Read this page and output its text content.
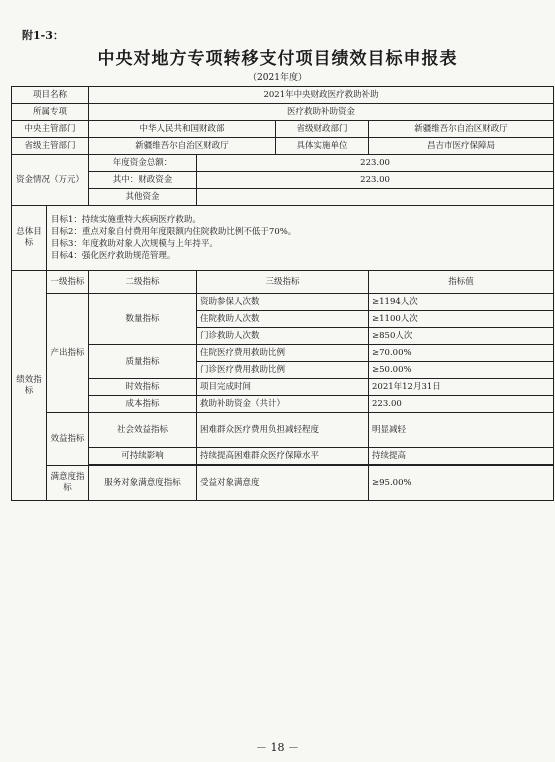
附1-3：
中央对地方专项转移支付项目绩效目标申报表
（2021年度）
项目名称		2021年中央财政医疗救助补助			
所属专项		医疗救助补助资金			
中央主管部门		中华人民共和国财政部		省级财政部门	新疆维吾尔自治区财政厅
省级主管部门		新疆维吾尔自治区财政厅		具体实施单位	昌吉市医疗保障局
资金情况（万元）		年度资金总额：	223.00		
		其中：财政资金	223.00		
		其他资金			
总体目标	目标1：持续实施重特大疾病医疗救助。
目标2：重点对象自付费用年度限额内住院救助比例不低于70%。
目标3：年度救助对象人次规模与上年持平。
目标4：强化医疗救助规范管理。				

绩效指标	一级指标	二级指标	三级指标		指标值
	产出指标	数量指标	资助参保人次数		≥1194人次
			住院救助人次数		≥1100人次
			门诊救助人次数		≥850人次
		质量指标	住院医疗费用救助比例		≥70.00%
			门诊医疗费用救助比例		≥50.00%
		时效指标	项目完成时间		2021年12月31日
		成本指标	救助补助资金（共计）		223.00
	效益指标	社会效益指标	困难群众医疗费用负担减轻程度		明显减轻
		可持续影响	持续提高困难群众医疗保障水平		持续提高

	满意度指标	服务对象满意度指标	受益对象满意度		≥95.00%
－ 18 －
